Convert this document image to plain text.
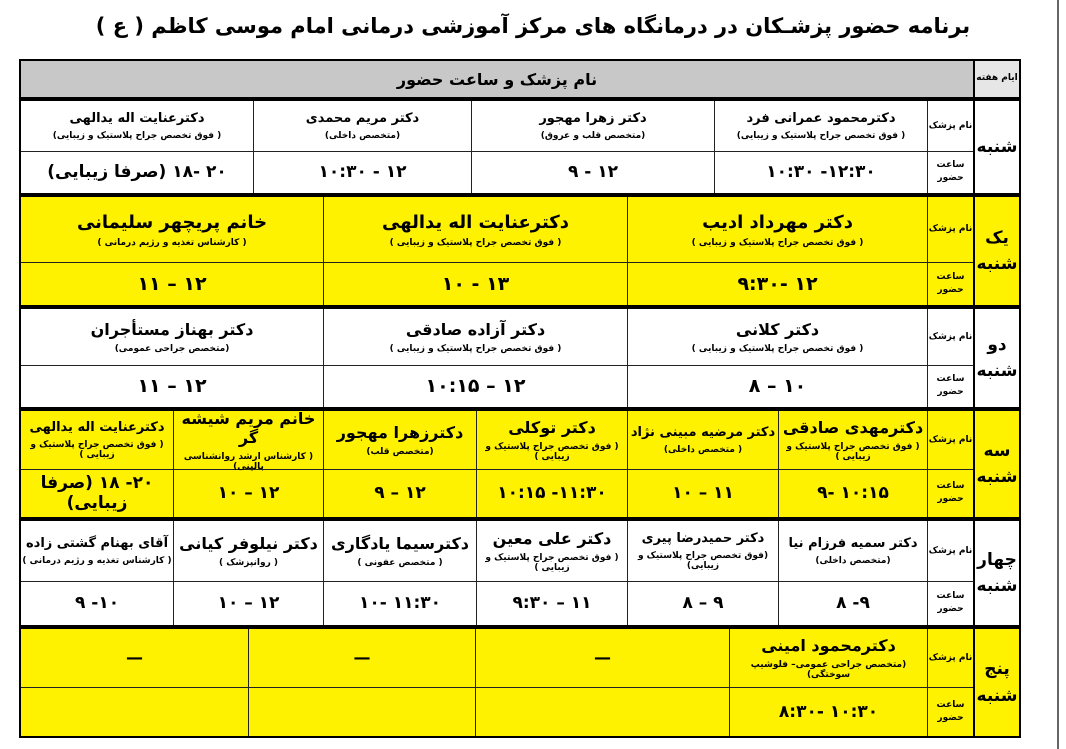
برنامه حضور پزشـکان در درمانگاه های مرکز آموزشی درمانی امام موسی کاظم ( ع )
ایام هفته
نام پزشک و ساعت حضور
شنبه
نام پزشک
ساعت حضور
دکترمحمود عمرانی فرد
( فوق تخصص جراح پلاستیک و زیبایی)
۱۲:۳۰- ۱۰:۳۰
دکتر زهرا مهجور
(متخصص قلب و عروق)
۱۲ - ۹
دکتر مریم محمدی
(متخصص داخلی)
۱۲ - ۱۰:۳۰
دکترعنایت اله یدالهی
( فوق تخصص جراح پلاستیک و زیبایی)
۲۰ -۱۸ (صرفا زیبایی)
یک شنبه
نام پزشک
ساعت حضور
دکتر مهرداد ادیب
( فوق تخصص جراح پلاستیک و زیبایی )
۱۲ -۹:۳۰
دکترعنایت اله یدالهی
( فوق تخصص جراح پلاستیک و زیبایی )
۱۳ - ۱۰
خانم پریچهر سلیمانی
( کارشناس تغذیه و رژیم درمانی )
۱۲ – ۱۱
دو شنبه
نام پزشک
ساعت حضور
دکتر کلانی
( فوق تخصص جراح پلاستیک و زیبایی )
۱۰ – ۸
دکتر آزاده صادقی
( فوق تخصص جراح پلاستیک و زیبایی )
۱۲ – ۱۰:۱۵
دکتر بهناز مستأجران
(متخصص جراحی عمومی)
۱۲ – ۱۱
سه شنبه
نام پزشک
ساعت حضور
دکترمهدی صادقی
( فوق تخصص جراح پلاستیک و زیبایی )
۱۰:۱۵ -۹
دکتر مرضیه مبینی نژاد
( متخصص داخلی)
۱۱ – ۱۰
دکتر توکلی
( فوق تخصص جراح پلاستیک و زیبایی )
۱۱:۳۰- ۱۰:۱۵
دکترزهرا مهجور
(متخصص قلب)
۱۲ – ۹
خانم مریم شیشه گر
( کارشناس ارشد روانشناسی بالینی)
۱۲ – ۱۰
دکترعنایت اله یدالهی
( فوق تخصص جراح پلاستیک و زیبایی )
۲۰- ۱۸ (صرفا زیبایی)
چهار شنبه
نام پزشک
ساعت حضور
دکتر سمیه فرزام نیا
(متخصص داخلی)
۹- ۸
دکتر حمیدرضا پیری
(فوق تخصص جراح پلاستیک و زیبایی)
۹ – ۸
دکتر علی معین
( فوق تخصص جراح پلاستیک و زیبایی )
۱۱ – ۹:۳۰
دکترسیما یادگاری
( متخصص عفونی )
۱۱:۳۰ -۱۰
دکتر نیلوفر کیانی
( روانپزشک )
۱۲ – ۱۰
آقای بهنام گشتی زاده
( کارشناس تغذیه و رژیم درمانی )
۱۰- ۹
پنج شنبه
نام پزشک
ساعت حضور
دکترمحمود امینی
(متخصص جراحی عمومی– فلوشیپ سوختگی)
۱۰:۳۰ -۸:۳۰
—
—
—
